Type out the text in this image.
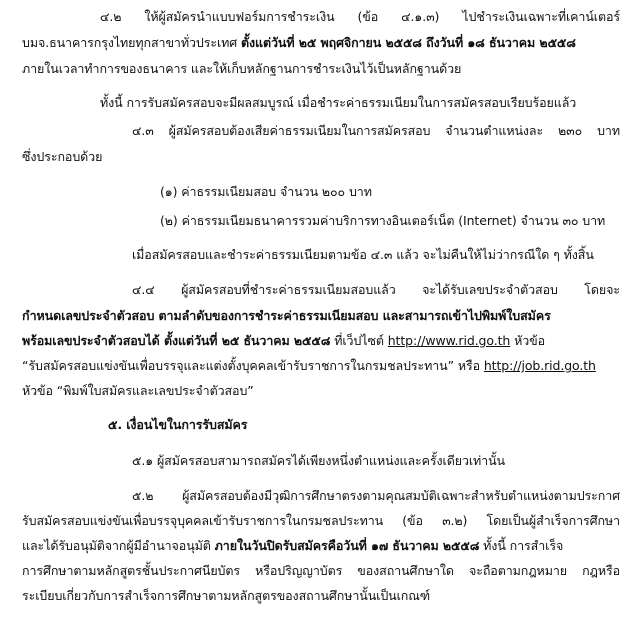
๔.๒ ให้ผู้สมัครนำแบบฟอร์มการชำระเงิน (ข้อ ๔.๑.๓) ไปชำระเงินเฉพาะที่เคาน์เตอร์
บมจ.ธนาคารกรุงไทยทุกสาขาทั่วประเทศ ตั้งแต่วันที่ ๒๕ พฤศจิกายน ๒๕๕๘ ถึงวันที่ ๑๘ ธันวาคม ๒๕๕๘
ภายในเวลาทำการของธนาคาร และให้เก็บหลักฐานการชำระเงินไว้เป็นหลักฐานด้วย
ทั้งนี้ การรับสมัครสอบจะมีผลสมบูรณ์ เมื่อชำระค่าธรรมเนียมในการสมัครสอบเรียบร้อยแล้ว
๔.๓ ผู้สมัครสอบต้องเสียค่าธรรมเนียมในการสมัครสอบ จำนวนตำแหน่งละ ๒๓๐ บาท
ซึ่งประกอบด้วย
(๑) ค่าธรรมเนียมสอบ จำนวน ๒๐๐ บาท
(๒) ค่าธรรมเนียมธนาคารรวมค่าบริการทางอินเตอร์เน็ต (Internet) จำนวน ๓๐ บาท
เมื่อสมัครสอบและชำระค่าธรรมเนียมตามข้อ ๔.๓ แล้ว จะไม่คืนให้ไม่ว่ากรณีใด ๆ ทั้งสิ้น
๔.๔ ผู้สมัครสอบที่ชำระค่าธรรมเนียมสอบแล้ว จะได้รับเลขประจำตัวสอบ โดยจะ
กำหนดเลขประจำตัวสอบ ตามลำดับของการชำระค่าธรรมเนียมสอบ และสามารถเข้าไปพิมพ์ใบสมัคร
พร้อมเลขประจำตัวสอบได้ ตั้งแต่วันที่ ๒๕ ธันวาคม ๒๕๕๘ ที่เว็ปไซต์ http://www.rid.go.th หัวข้อ
“รับสมัครสอบแข่งขันเพื่อบรรจุและแต่งตั้งบุคคลเข้ารับราชการในกรมชลประทาน” หรือ http://job.rid.go.th
หัวข้อ “พิมพ์ใบสมัครและเลขประจำตัวสอบ”
๕. เงื่อนไขในการรับสมัคร
๕.๑ ผู้สมัครสอบสามารถสมัครได้เพียงหนึ่งตำแหน่งและครั้งเดียวเท่านั้น
๕.๒ ผู้สมัครสอบต้องมีวุฒิการศึกษาตรงตามคุณสมบัติเฉพาะสำหรับตำแหน่งตามประกาศ
รับสมัครสอบแข่งขันเพื่อบรรจุบุคคลเข้ารับราชการในกรมชลประทาน (ข้อ ๓.๒) โดยเป็นผู้สำเร็จการศึกษา
และได้รับอนุมัติจากผู้มีอำนาจอนุมัติ ภายในวันปิดรับสมัครคือวันที่ ๑๗ ธันวาคม ๒๕๕๘ ทั้งนี้ การสำเร็จ
การศึกษาตามหลักสูตรชั้นประกาศนียบัตร หรือปริญญาบัตร ของสถานศึกษาใด จะถือตามกฎหมาย กฎหรือ
ระเบียบเกี่ยวกับการสำเร็จการศึกษาตามหลักสูตรของสถานศึกษานั้นเป็นเกณฑ์
